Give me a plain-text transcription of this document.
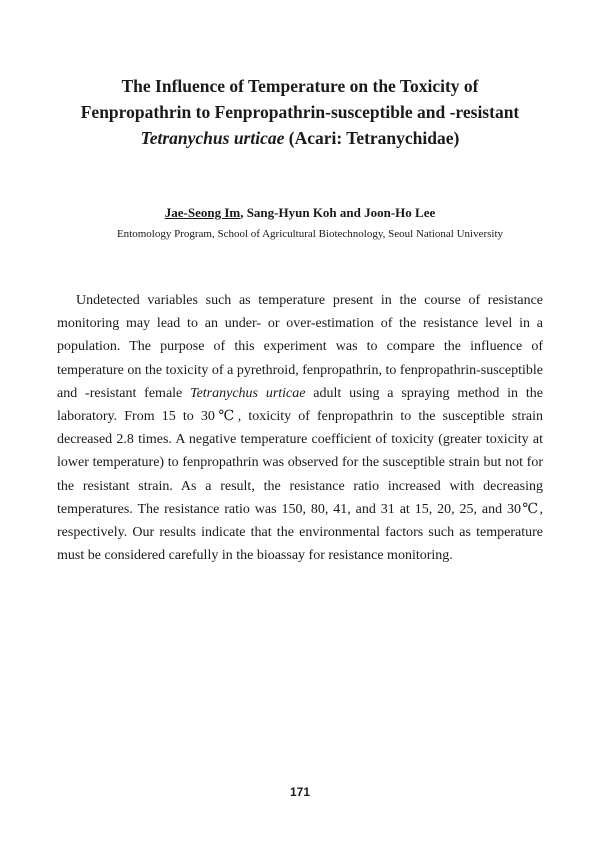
The Influence of Temperature on the Toxicity of
Fenpropathrin to Fenpropathrin-susceptible and -resistant
Tetranychus urticae (Acari: Tetranychidae)
Jae-Seong Im, Sang-Hyun Koh and Joon-Ho Lee
Entomology Program, School of Agricultural Biotechnology, Seoul National University

Undetected variables such as temperature present in the course of resistance monitoring may lead to an under- or over-estimation of the resistance level in a population. The purpose of this experiment was to compare the influence of temperature on the toxicity of a pyrethroid, fenpropathrin, to fenpropathrin-susceptible and -resistant female Tetranychus urticae adult using a spraying method in the laboratory. From 15 to 30℃, toxicity of fenpropathrin to the susceptible strain decreased 2.8 times. A negative temperature coefficient of toxicity (greater toxicity at lower temperature) to fenpropathrin was observed for the susceptible strain but not for the resistant strain. As a result, the resistance ratio increased with decreasing temperatures. The resistance ratio was 150, 80, 41, and 31 at 15, 20, 25, and 30℃, respectively. Our results indicate that the environmental factors such as temperature must be considered carefully in the bioassay for resistance monitoring.

171
